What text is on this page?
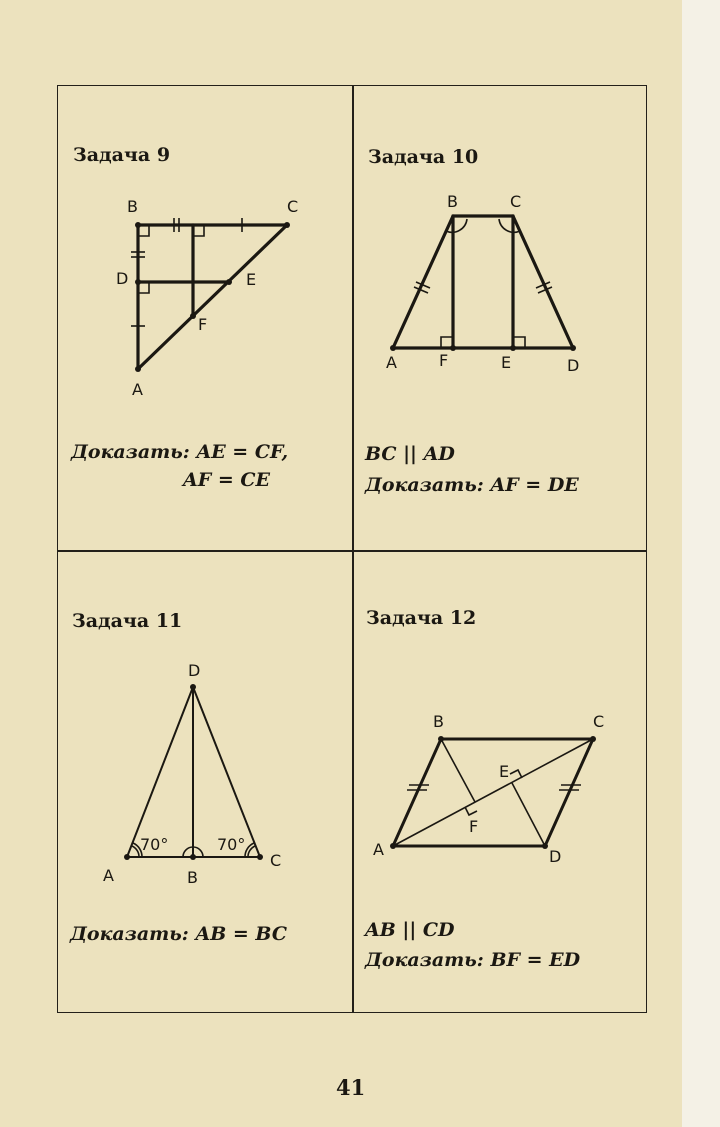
Задача 9
B	C
D	E
F
A
Доказать: AE = CF,
AF = CE
Задача 10
B	C
A	F	E	D
BC || AD
Доказать: AF = DE
Задача 11
D
A	B
C
70°	70°
Доказать: AB = BC
Задача 12
B	C
E
F
A	D
AB || CD
Доказать: BF = ED
41
